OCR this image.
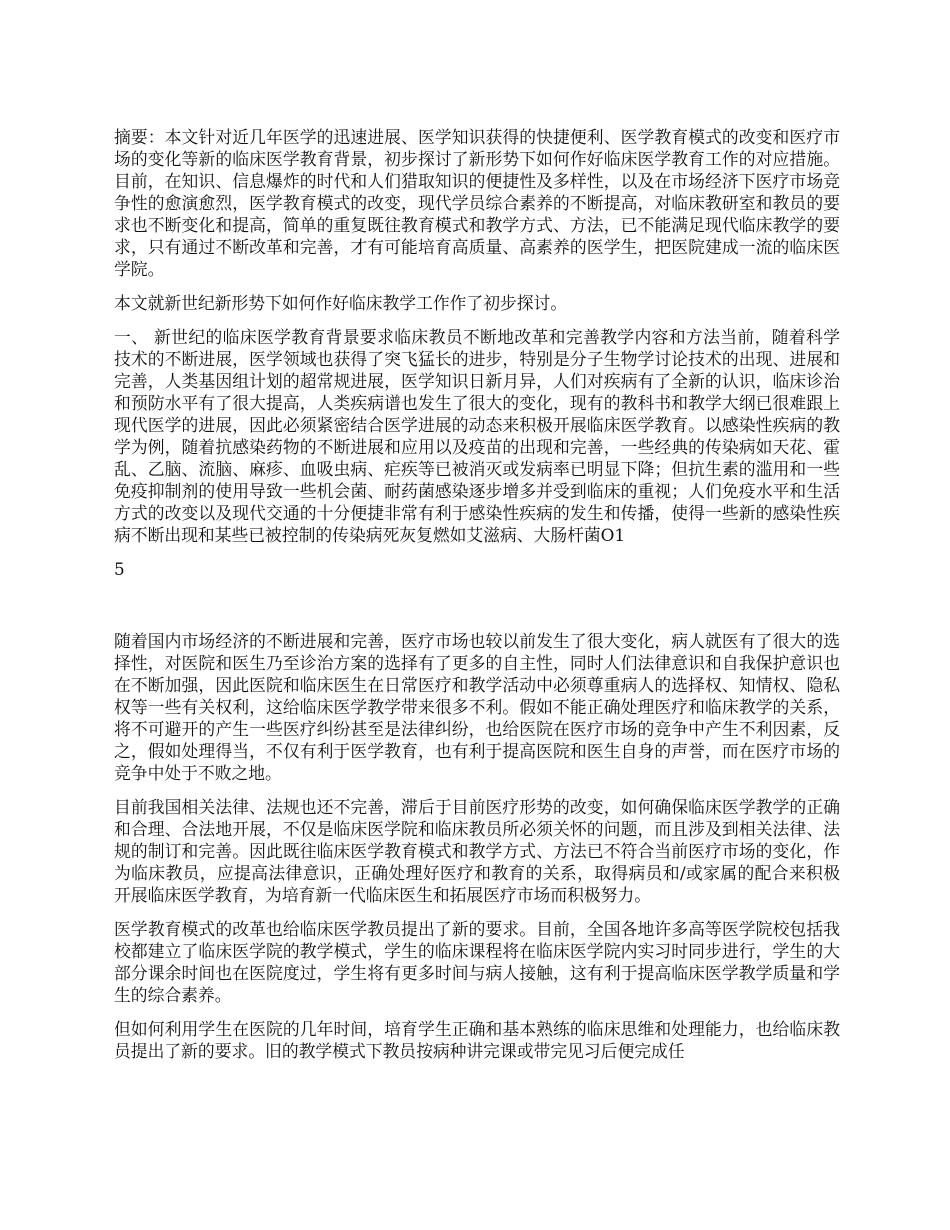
摘要：本文针对近几年医学的迅速进展、医学知识获得的快捷便利、医学教育模式的改变和医疗市场的变化等新的临床医学教育背景，初步探讨了新形势下如何作好临床医学教育工作的对应措施。目前，在知识、信息爆炸的时代和人们猎取知识的便捷性及多样性，以及在市场经济下医疗市场竞争性的愈演愈烈，医学教育模式的改变，现代学员综合素养的不断提高，对临床教研室和教员的要求也不断变化和提高，简单的重复既往教育模式和教学方式、方法，已不能满足现代临床教学的要求，只有通过不断改革和完善，才有可能培育高质量、高素养的医学生，把医院建成一流的临床医学院。

本文就新世纪新形势下如何作好临床教学工作作了初步探讨。

一、 新世纪的临床医学教育背景要求临床教员不断地改革和完善教学内容和方法当前，随着科学技术的不断进展，医学领域也获得了突飞猛长的进步，特别是分子生物学讨论技术的出现、进展和完善，人类基因组计划的超常规进展，医学知识日新月异，人们对疾病有了全新的认识，临床诊治和预防水平有了很大提高，人类疾病谱也发生了很大的变化，现有的教科书和教学大纲已很难跟上现代医学的进展，因此必须紧密结合医学进展的动态来积极开展临床医学教育。以感染性疾病的教学为例，随着抗感染药物的不断进展和应用以及疫苗的出现和完善，一些经典的传染病如天花、霍乱、乙脑、流脑、麻疹、血吸虫病、疟疾等已被消灭或发病率已明显下降；但抗生素的滥用和一些免疫抑制剂的使用导致一些机会菌、耐药菌感染逐步增多并受到临床的重视；人们免疫水平和生活方式的改变以及现代交通的十分便捷非常有利于感染性疾病的发生和传播，使得一些新的感染性疾病不断出现和某些已被控制的传染病死灰复燃如艾滋病、大肠杆菌O1

5

随着国内市场经济的不断进展和完善，医疗市场也较以前发生了很大变化，病人就医有了很大的选择性，对医院和医生乃至诊治方案的选择有了更多的自主性，同时人们法律意识和自我保护意识也在不断加强，因此医院和临床医生在日常医疗和教学活动中必须尊重病人的选择权、知情权、隐私权等一些有关权利，这给临床医学教学带来很多不利。假如不能正确处理医疗和临床教学的关系，将不可避开的产生一些医疗纠纷甚至是法律纠纷，也给医院在医疗市场的竞争中产生不利因素，反之，假如处理得当，不仅有利于医学教育，也有利于提高医院和医生自身的声誉，而在医疗市场的竞争中处于不败之地。

目前我国相关法律、法规也还不完善，滞后于目前医疗形势的改变，如何确保临床医学教学的正确和合理、合法地开展，不仅是临床医学院和临床教员所必须关怀的问题，而且涉及到相关法律、法规的制订和完善。因此既往临床医学教育模式和教学方式、方法已不符合当前医疗市场的变化，作为临床教员，应提高法律意识，正确处理好医疗和教育的关系，取得病员和/或家属的配合来积极开展临床医学教育，为培育新一代临床医生和拓展医疗市场而积极努力。

医学教育模式的改革也给临床医学教员提出了新的要求。目前，全国各地许多高等医学院校包括我校都建立了临床医学院的教学模式，学生的临床课程将在临床医学院内实习时同步进行，学生的大部分课余时间也在医院度过，学生将有更多时间与病人接触，这有利于提高临床医学教学质量和学生的综合素养。

但如何利用学生在医院的几年时间，培育学生正确和基本熟练的临床思维和处理能力，也给临床教员提出了新的要求。旧的教学模式下教员按病种讲完课或带完见习后便完成任
